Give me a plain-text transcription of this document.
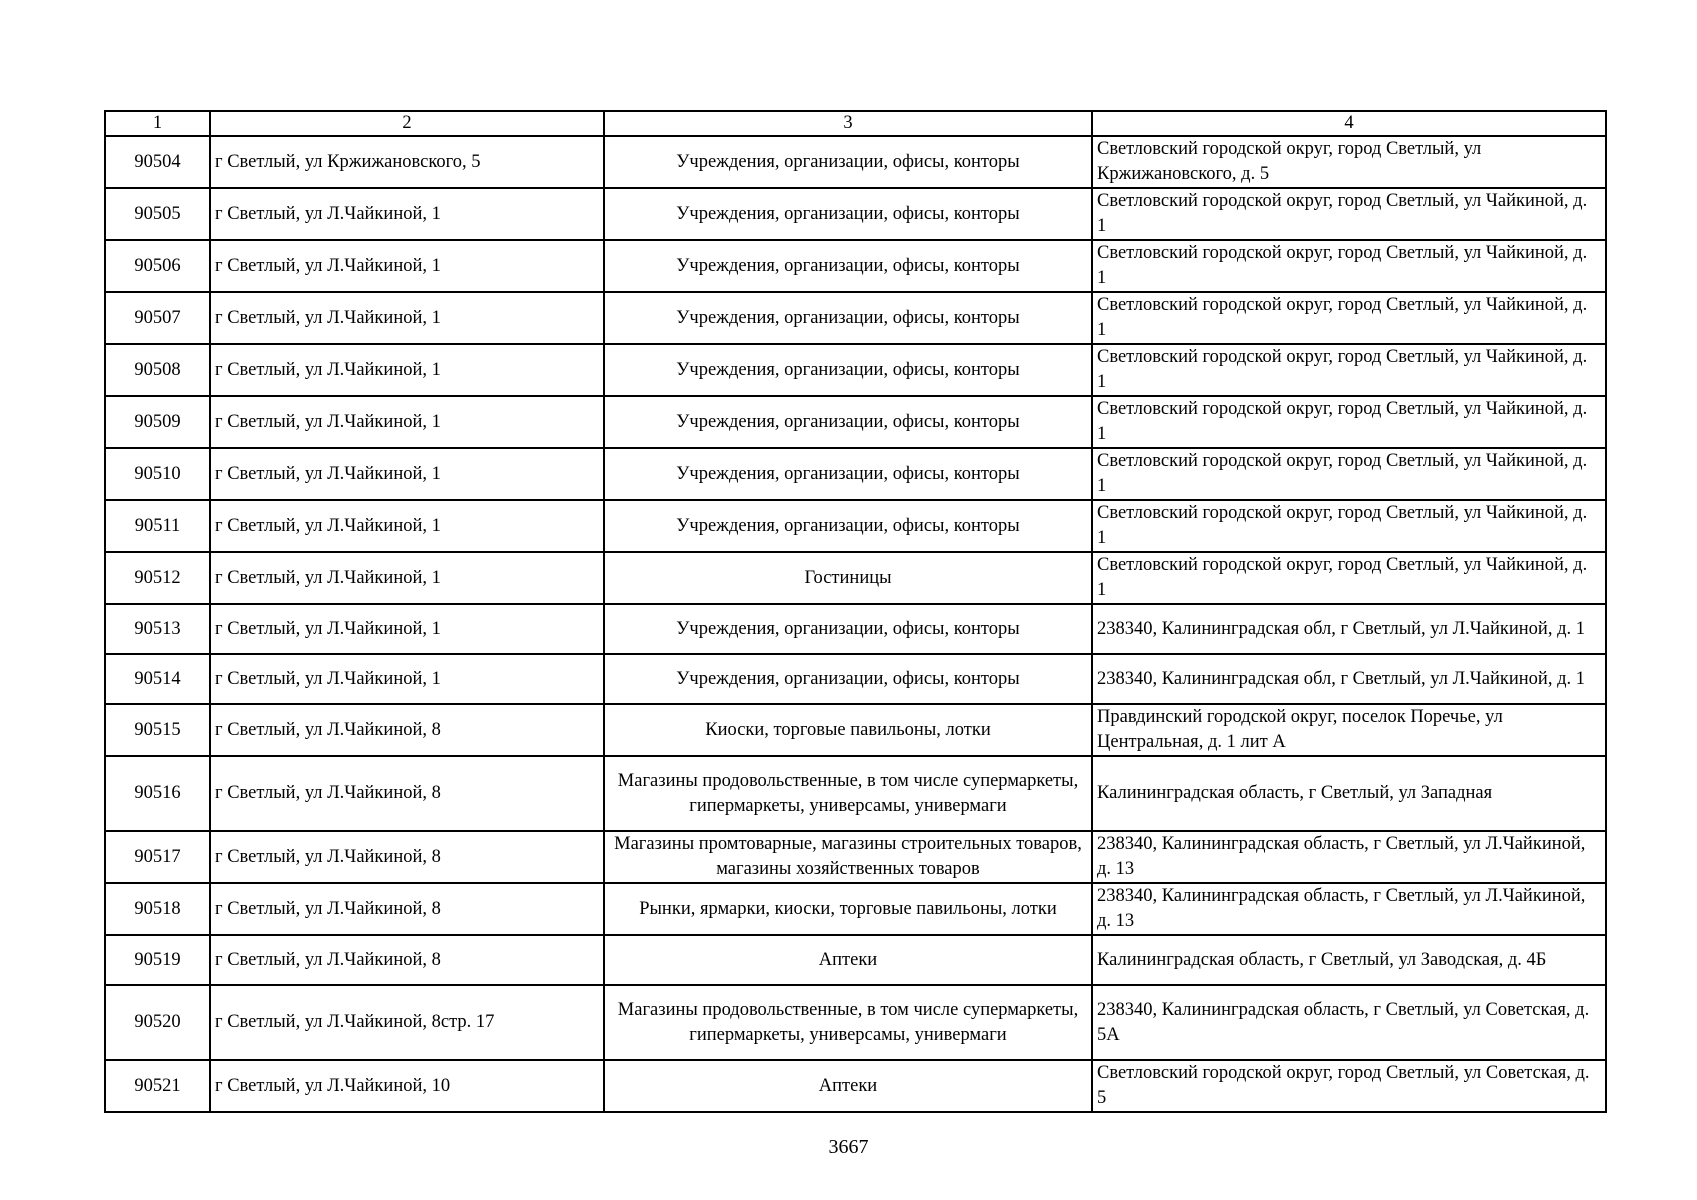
1	2	3	4
90504	г Светлый, ул Кржижановского, 5	Учреждения, организации, офисы, конторы	Светловский городской округ, город Светлый, ул Кржижановского, д. 5
90505	г Светлый, ул Л.Чайкиной, 1	Учреждения, организации, офисы, конторы	Светловский городской округ, город Светлый, ул Чайкиной, д. 1
90506	г Светлый, ул Л.Чайкиной, 1	Учреждения, организации, офисы, конторы	Светловский городской округ, город Светлый, ул Чайкиной, д. 1
90507	г Светлый, ул Л.Чайкиной, 1	Учреждения, организации, офисы, конторы	Светловский городской округ, город Светлый, ул Чайкиной, д. 1
90508	г Светлый, ул Л.Чайкиной, 1	Учреждения, организации, офисы, конторы	Светловский городской округ, город Светлый, ул Чайкиной, д. 1
90509	г Светлый, ул Л.Чайкиной, 1	Учреждения, организации, офисы, конторы	Светловский городской округ, город Светлый, ул Чайкиной, д. 1
90510	г Светлый, ул Л.Чайкиной, 1	Учреждения, организации, офисы, конторы	Светловский городской округ, город Светлый, ул Чайкиной, д. 1
90511	г Светлый, ул Л.Чайкиной, 1	Учреждения, организации, офисы, конторы	Светловский городской округ, город Светлый, ул Чайкиной, д. 1
90512	г Светлый, ул Л.Чайкиной, 1	Гостиницы	Светловский городской округ, город Светлый, ул Чайкиной, д. 1
90513	г Светлый, ул Л.Чайкиной, 1	Учреждения, организации, офисы, конторы	238340, Калининградская обл, г Светлый, ул Л.Чайкиной, д. 1
90514	г Светлый, ул Л.Чайкиной, 1	Учреждения, организации, офисы, конторы	238340, Калининградская обл, г Светлый, ул Л.Чайкиной, д. 1
90515	г Светлый, ул Л.Чайкиной, 8	Киоски, торговые павильоны, лотки	Правдинский городской округ, поселок Поречье, ул Центральная, д. 1 лит А
90516	г Светлый, ул Л.Чайкиной, 8	Магазины продовольственные, в том числе супермаркеты, гипермаркеты, универсамы, универмаги	Калининградская область, г Светлый, ул Западная
90517	г Светлый, ул Л.Чайкиной, 8	Магазины промтоварные, магазины строительных товаров, магазины хозяйственных товаров	238340, Калининградская область, г Светлый, ул Л.Чайкиной, д. 13
90518	г Светлый, ул Л.Чайкиной, 8	Рынки, ярмарки, киоски, торговые павильоны, лотки	238340, Калининградская область, г Светлый, ул Л.Чайкиной, д. 13
90519	г Светлый, ул Л.Чайкиной, 8	Аптеки	Калининградская область, г Светлый, ул Заводская, д. 4Б
90520	г Светлый, ул Л.Чайкиной, 8стр. 17	Магазины продовольственные, в том числе супермаркеты, гипермаркеты, универсамы, универмаги	238340, Калининградская область, г Светлый, ул Советская, д. 5А
90521	г Светлый, ул Л.Чайкиной, 10	Аптеки	Светловский городской округ, город Светлый, ул Советская, д. 5
3667
